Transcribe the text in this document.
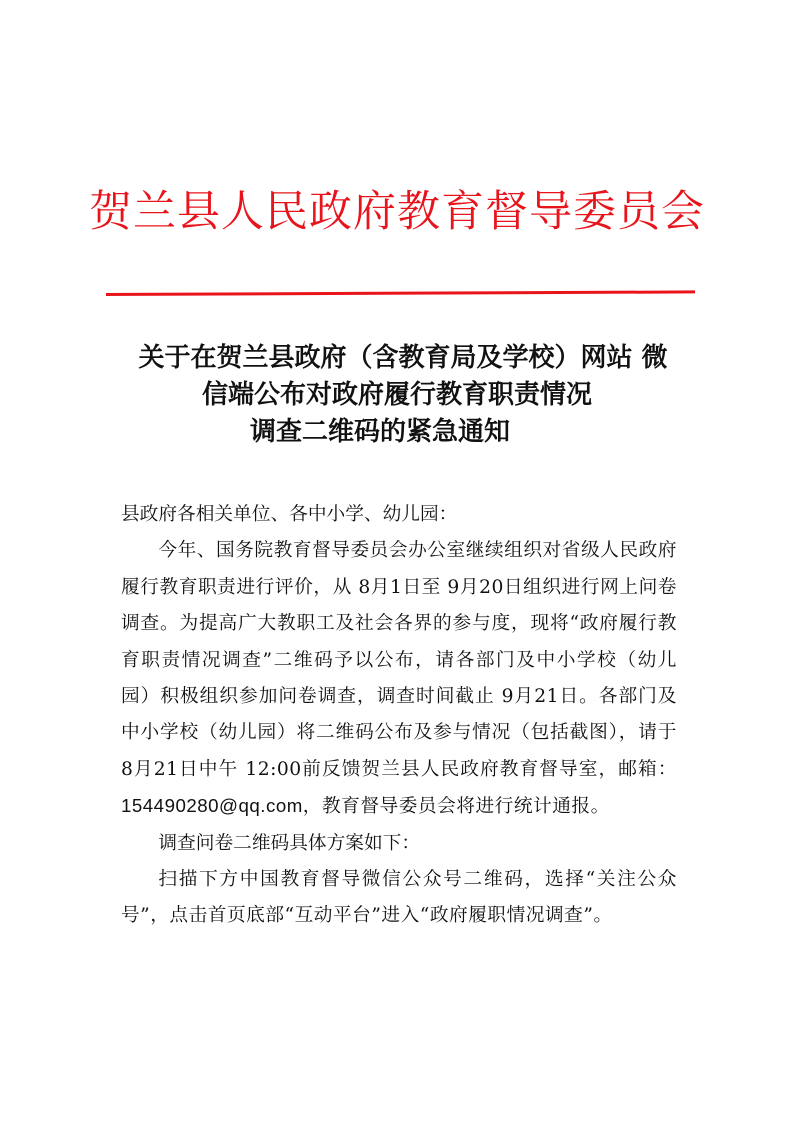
贺兰县人民政府教育督导委员会
关于在贺兰县政府（含教育局及学校）网站 微
信端公布对政府履行教育职责情况
调查二维码的紧急通知

县政府各相关单位、各中小学、幼儿园：

今年、国务院教育督导委员会办公室继续组织对省级人民政府履行教育职责进行评价，从 8月1日至 9月20日组织进行网上问卷调查。为提高广大教职工及社会各界的参与度，现将“政府履行教育职责情况调查”二维码予以公布，请各部门及中小学校（幼儿园）积极组织参加问卷调查，调查时间截止 9月21日。各部门及中小学校（幼儿园）将二维码公布及参与情况（包括截图），请于8月21日中午 12:00前反馈贺兰县人民政府教育督导室，邮箱：154490280@qq.com，教育督导委员会将进行统计通报。

调查问卷二维码具体方案如下：

扫描下方中国教育督导微信公众号二维码，选择“关注公众号”，点击首页底部“互动平台”进入“政府履职情况调查”。
